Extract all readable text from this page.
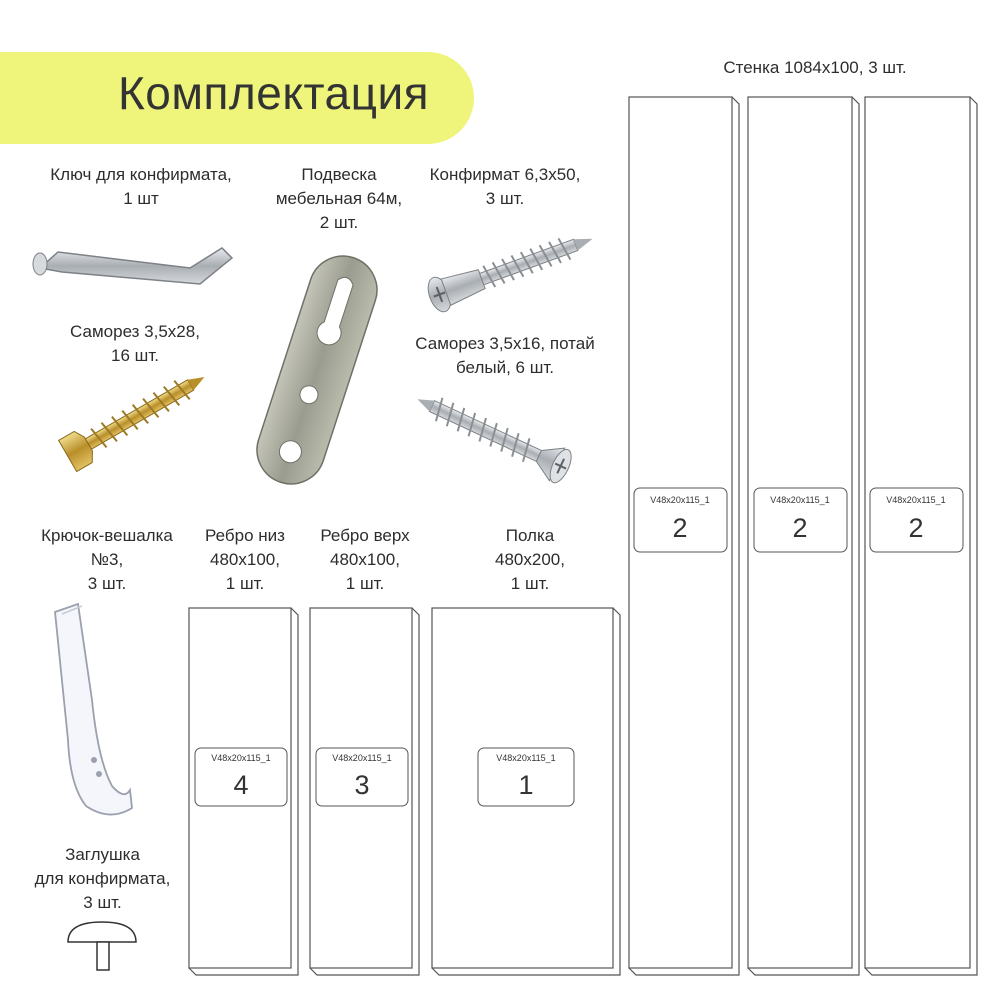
Комплектация
Ключ для конфирмата,
1 шт
Подвеска
мебельная 64м,
2 шт.
Конфирмат 6,3х50,
3 шт.
Саморез 3,5х28,
16 шт.
Саморез 3,5х16, потай
белый, 6 шт.
Крючок-вешалка
№3,
3 шт.
Ребро низ
480х100,
1 шт.
Ребро верх
480х100,
1 шт.
Полка
480х200,
1 шт.
Стенка 1084х100, 3 шт.
Заглушка
для конфирмата,
3 шт.
V48x20x115_1
4
V48x20x115_1
3
V48x20x115_1
1
V48x20x115_1
2
V48x20x115_1
2
V48x20x115_1
2
